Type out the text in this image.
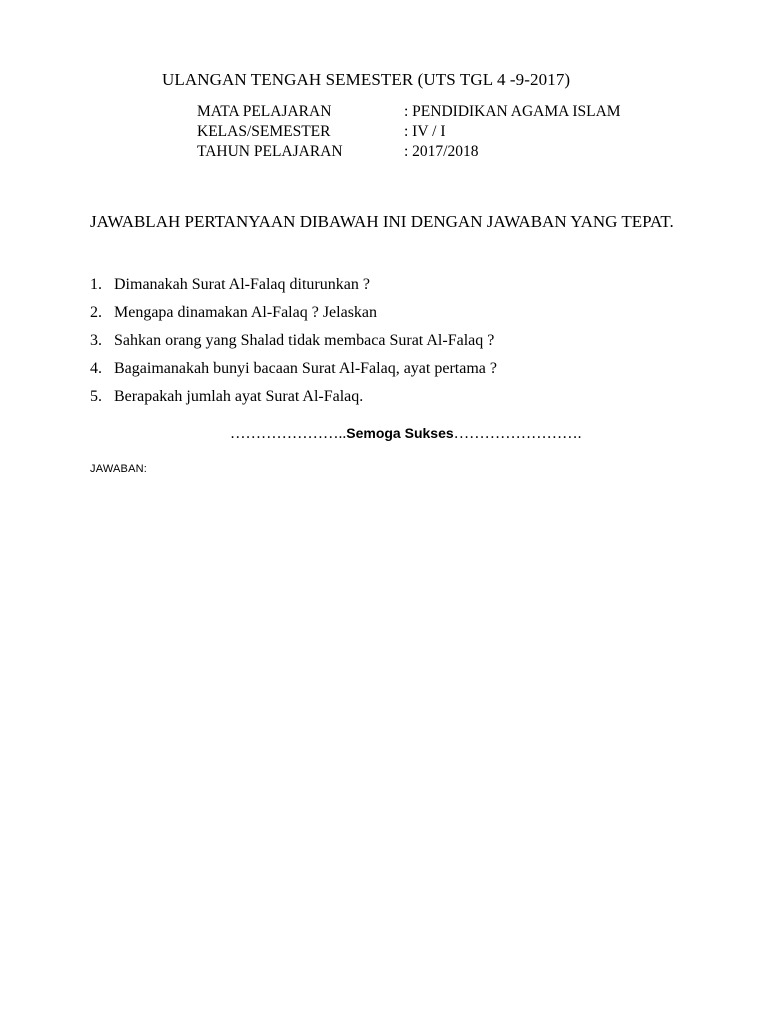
ULANGAN TENGAH SEMESTER (UTS TGL 4 -9-2017)
MATA PELAJARAN	: PENDIDIKAN AGAMA ISLAM
KELAS/SEMESTER	: IV / I
TAHUN PELAJARAN	: 2017/2018
JAWABLAH PERTANYAAN DIBAWAH INI DENGAN JAWABAN YANG TEPAT.
1. Dimanakah Surat Al-Falaq diturunkan ?
2. Mengapa dinamakan Al-Falaq ? Jelaskan
3. Sahkan orang yang Shalad tidak membaca Surat Al-Falaq ?
4. Bagaimanakah bunyi bacaan Surat Al-Falaq, ayat pertama ?
5. Berapakah jumlah ayat Surat Al-Falaq.
…………………..Semoga Sukses…………………….
JAWABAN:
